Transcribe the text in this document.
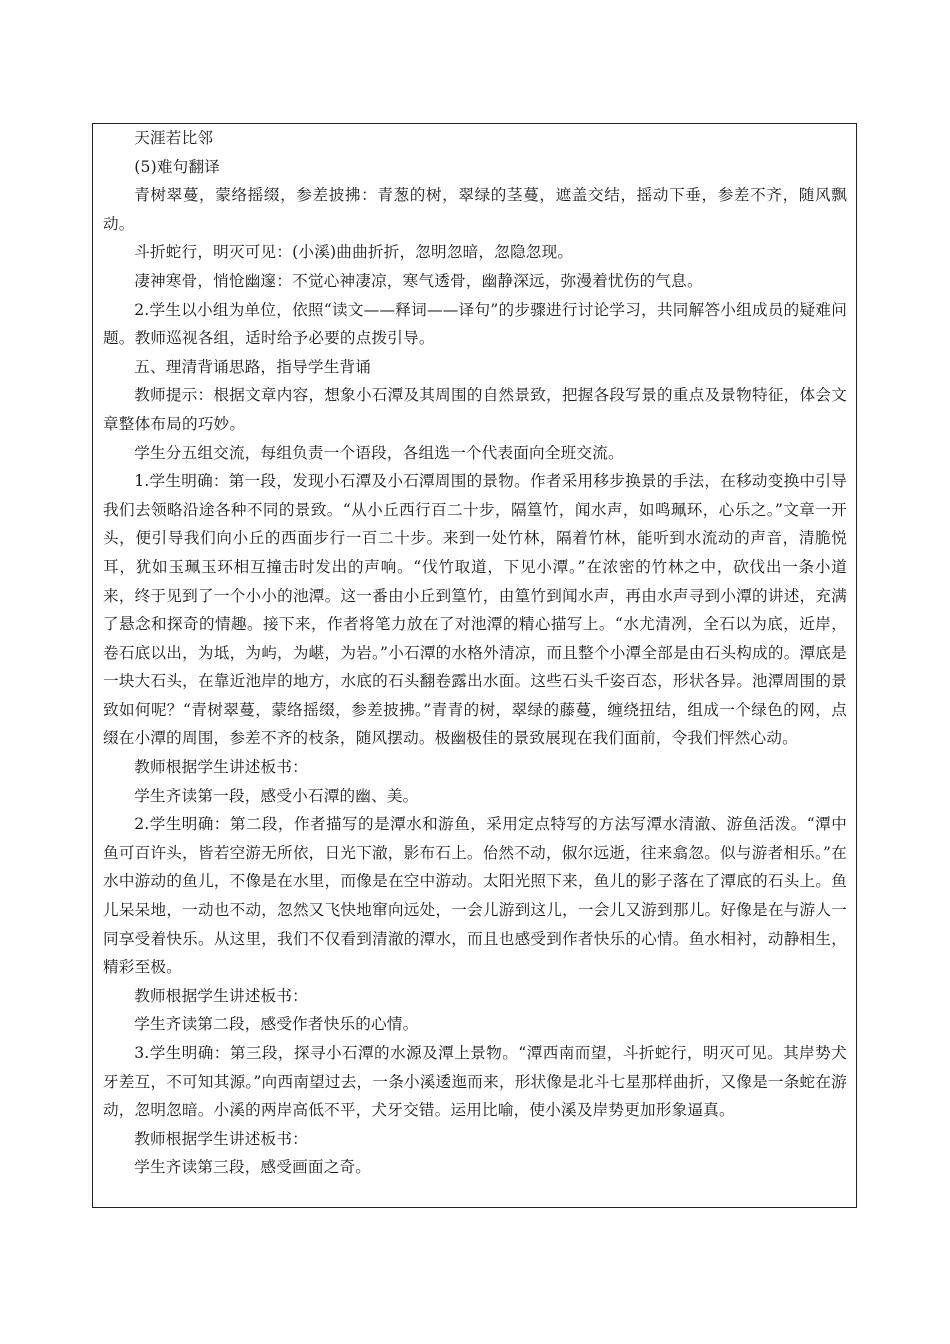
天涯若比邻

(5)难句翻译

青树翠蔓，蒙络摇缀，参差披拂：青葱的树，翠绿的茎蔓，遮盖交结，摇动下垂，参差不齐，随风飘动。

斗折蛇行，明灭可见：(小溪)曲曲折折，忽明忽暗，忽隐忽现。

凄神寒骨，悄怆幽邃：不觉心神凄凉，寒气透骨，幽静深远，弥漫着忧伤的气息。

2.学生以小组为单位，依照“读文——释词——译句”的步骤进行讨论学习，共同解答小组成员的疑难问题。教师巡视各组，适时给予必要的点拨引导。

五、理清背诵思路，指导学生背诵

教师提示：根据文章内容，想象小石潭及其周围的自然景致，把握各段写景的重点及景物特征，体会文章整体布局的巧妙。

学生分五组交流，每组负责一个语段，各组选一个代表面向全班交流。

1.学生明确：第一段，发现小石潭及小石潭周围的景物。作者采用移步换景的手法，在移动变换中引导我们去领略沿途各种不同的景致。“从小丘西行百二十步，隔篁竹，闻水声，如鸣珮环，心乐之。”文章一开头，便引导我们向小丘的西面步行一百二十步。来到一处竹林，隔着竹林，能听到水流动的声音，清脆悦耳，犹如玉珮玉环相互撞击时发出的声响。“伐竹取道，下见小潭。”在浓密的竹林之中，砍伐出一条小道来，终于见到了一个小小的池潭。这一番由小丘到篁竹，由篁竹到闻水声，再由水声寻到小潭的讲述，充满了悬念和探奇的情趣。接下来，作者将笔力放在了对池潭的精心描写上。“水尤清冽，全石以为底，近岸，卷石底以出，为坻，为屿，为嵁，为岩。”小石潭的水格外清凉，而且整个小潭全部是由石头构成的。潭底是一块大石头，在靠近池岸的地方，水底的石头翻卷露出水面。这些石头千姿百态，形状各异。池潭周围的景致如何呢？“青树翠蔓，蒙络摇缀，参差披拂。”青青的树，翠绿的藤蔓，缠绕扭结，组成一个绿色的网，点缀在小潭的周围，参差不齐的枝条，随风摆动。极幽极佳的景致展现在我们面前，令我们怦然心动。

教师根据学生讲述板书：

学生齐读第一段，感受小石潭的幽、美。

2.学生明确：第二段，作者描写的是潭水和游鱼，采用定点特写的方法写潭水清澈、游鱼活泼。“潭中鱼可百许头，皆若空游无所依，日光下澈，影布石上。佁然不动，俶尔远逝，往来翕忽。似与游者相乐。”在水中游动的鱼儿，不像是在水里，而像是在空中游动。太阳光照下来，鱼儿的影子落在了潭底的石头上。鱼儿呆呆地，一动也不动，忽然又飞快地窜向远处，一会儿游到这儿，一会儿又游到那儿。好像是在与游人一同享受着快乐。从这里，我们不仅看到清澈的潭水，而且也感受到作者快乐的心情。鱼水相衬，动静相生，精彩至极。

教师根据学生讲述板书：

学生齐读第二段，感受作者快乐的心情。

3.学生明确：第三段，探寻小石潭的水源及潭上景物。“潭西南而望，斗折蛇行，明灭可见。其岸势犬牙差互，不可知其源。”向西南望过去，一条小溪逶迤而来，形状像是北斗七星那样曲折，又像是一条蛇在游动，忽明忽暗。小溪的两岸高低不平，犬牙交错。运用比喻，使小溪及岸势更加形象逼真。

教师根据学生讲述板书：

学生齐读第三段，感受画面之奇。
